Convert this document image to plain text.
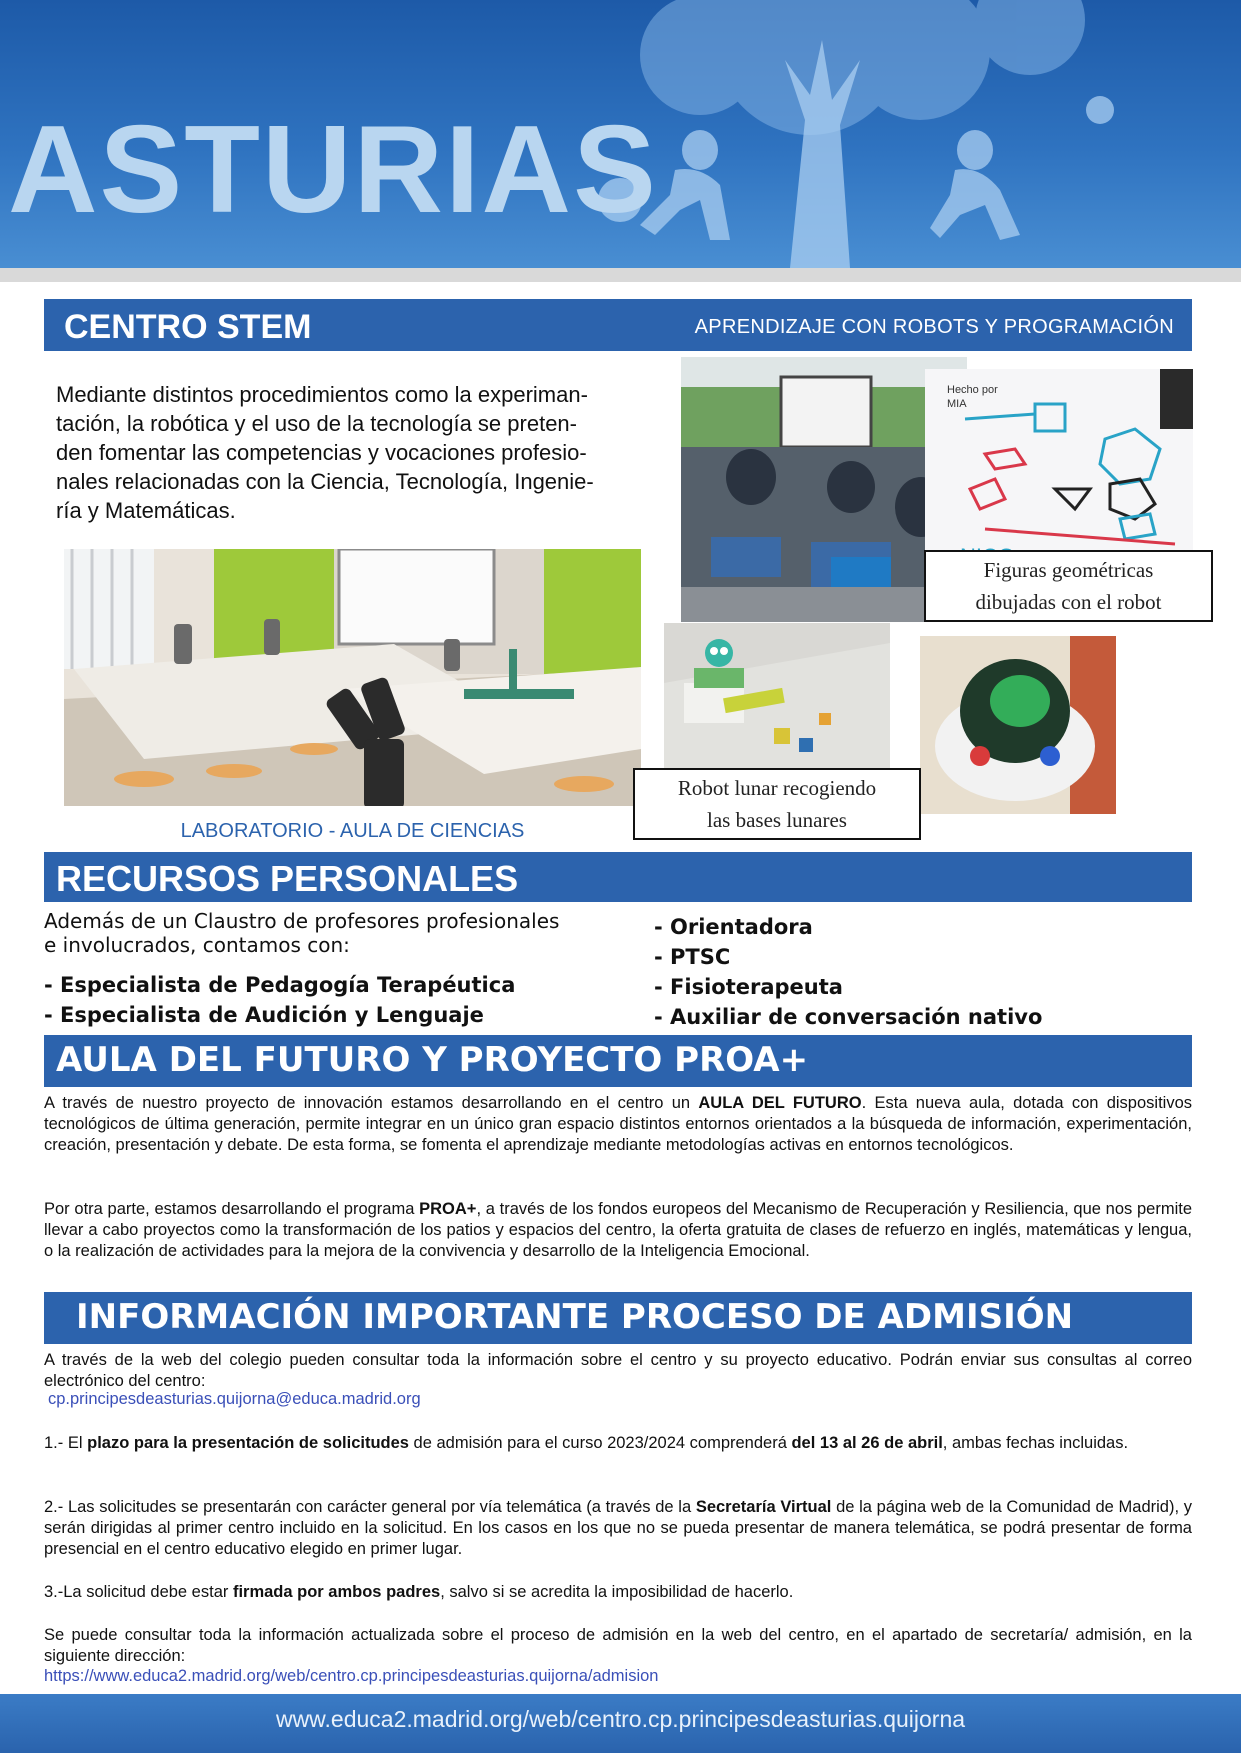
ASTURIAS
CENTRO STEM	APRENDIZAJE CON ROBOTS Y PROGRAMACIÓN
Mediante distintos procedimientos como la experiman-
tación, la robótica y el uso de la tecnología se preten-
den fomentar las competencias y vocaciones profesio-
nales relacionadas con la Ciencia, Tecnología, Ingenie-
ría y Matemáticas.
LABORATORIO - AULA DE CIENCIAS
Hecho por
MIA
Figuras geométricas
dibujadas con el robot
Robot lunar recogiendo
las bases lunares
RECURSOS PERSONALES
Además de un Claustro de profesores profesionales
e involucrados, contamos con:
- Especialista de Pedagogía Terapéutica
- Especialista de Audición y Lenguaje
- Orientadora
- PTSC
- Fisioterapeuta
- Auxiliar de conversación nativo
AULA DEL FUTURO Y PROYECTO PROA+
A través de nuestro proyecto de innovación estamos desarrollando en el centro un AULA DEL FUTURO. Esta nueva aula, dotada con dispositivos tecnológicos de última generación, permite integrar en un único gran espacio distintos entornos orientados a la búsqueda de información, experimentación, creación, presentación y debate. De esta forma, se fomenta el aprendizaje mediante metodologías activas en entornos tecnológicos.
Por otra parte, estamos desarrollando el programa PROA+, a través de los fondos europeos del Mecanismo de Recuperación y Resiliencia, que nos permite llevar a cabo proyectos como la transformación de los patios y espacios del centro, la oferta gratuita de clases de refuerzo en inglés, matemáticas y lengua, o la realización de actividades para la mejora de la convivencia y desarrollo de la Inteligencia Emocional.
INFORMACIÓN IMPORTANTE PROCESO DE ADMISIÓN
A través de la web del colegio pueden consultar toda la información sobre el centro y su proyecto educativo. Podrán enviar sus consultas al correo electrónico del centro:
cp.principesdeasturias.quijorna@educa.madrid.org
1.- El plazo para la presentación de solicitudes de admisión para el curso 2023/2024 comprenderá del 13 al 26 de abril, ambas fechas incluidas.
2.- Las solicitudes se presentarán con carácter general por vía telemática (a través de la Secretaría Virtual de la página web de la Comunidad de Madrid), y serán dirigidas al primer centro incluido en la solicitud. En los casos en los que no se pueda presentar de manera telemática, se podrá presentar de forma presencial en el centro educativo elegido en primer lugar.
3.-La solicitud debe estar firmada por ambos padres, salvo si se acredita la imposibilidad de hacerlo.
Se puede consultar toda la información actualizada sobre el proceso de admisión en la web del centro, en el apartado de secretaría/ admisión, en la siguiente dirección:
https://www.educa2.madrid.org/web/centro.cp.principesdeasturias.quijorna/admision
www.educa2.madrid.org/web/centro.cp.principesdeasturias.quijorna
